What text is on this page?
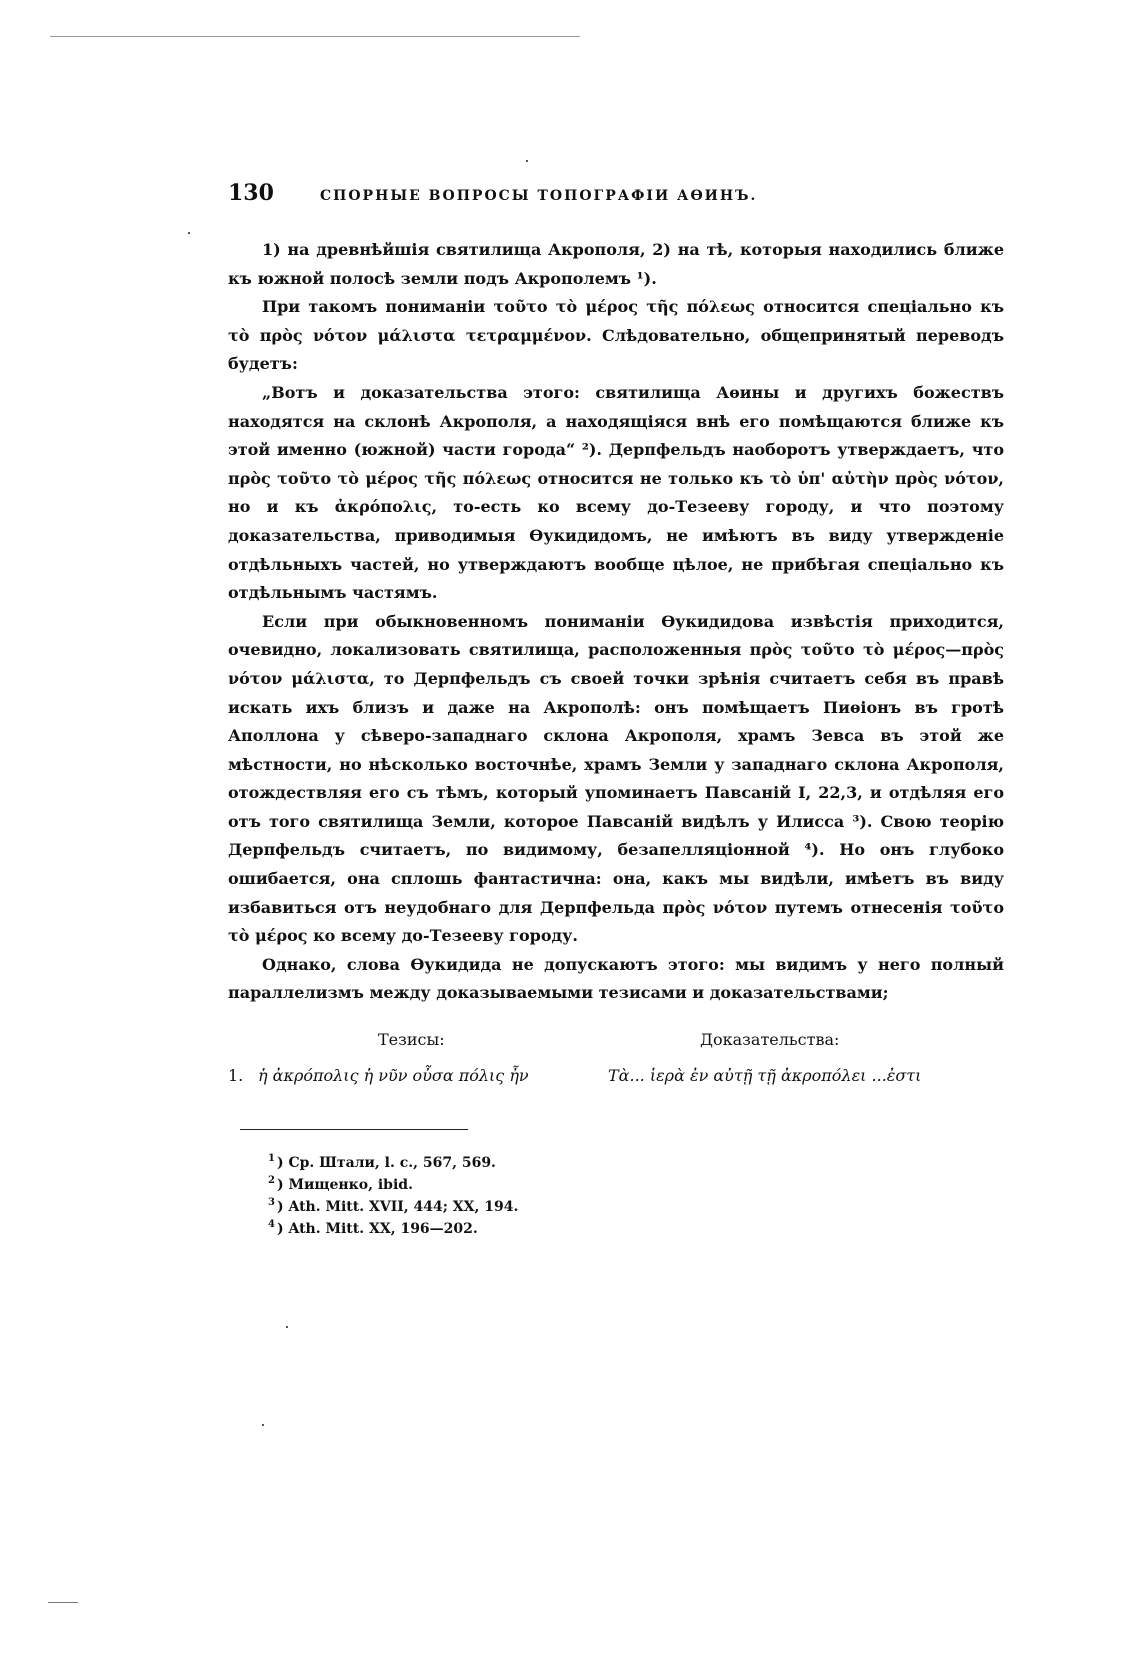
130	СПОРНЫЕ ВОПРОСЫ ТОПОГРАФІИ АѲИНЪ.

1) на древнѣйшія святилища Акрополя, 2) на тѣ, которыя находились ближе къ южной полосѣ земли подъ Акрополемъ ¹).

При такомъ пониманіи τοῦτο τὸ μέρος τῆς πόλεως относится спеціально къ τὸ πρὸς νότον μάλιστα τετραμμένον. Слѣдовательно, общепринятый переводъ будетъ:

„Вотъ и доказательства этого: святилища Аѳины и другихъ божествъ находятся на склонѣ Акрополя, а находящіяся внѣ его помѣщаются ближе къ этой именно (южной) части города“ ²). Дерпфельдъ наоборотъ утверждаетъ, что πρὸς τοῦτο τὸ μέρος τῆς πόλεως относится не только къ τὸ ὑπ' αὐτὴν πρὸς νότον, но и къ ἀκρόπολις, то-есть ко всему до-Тезееву городу, и что поэтому доказательства, приводимыя Ѳукидидомъ, не имѣютъ въ виду утвержденіе отдѣльныхъ частей, но утверждаютъ вообще цѣлое, не прибѣгая спеціально къ отдѣльнымъ частямъ.

Если при обыкновенномъ пониманіи Ѳукидидова извѣстія приходится, очевидно, локализовать святилища, расположенныя πρὸς τοῦτο τὸ μέρος—πρὸς νότον μάλιστα, то Дерпфельдъ съ своей точки зрѣнія считаетъ себя въ правѣ искать ихъ близъ и даже на Акрополѣ: онъ помѣщаетъ Пиѳіонъ въ гротѣ Аполлона у сѣверо-западнаго склона Акрополя, храмъ Зевса въ этой же мѣстности, но нѣсколько восточнѣе, храмъ Земли у западнаго склона Акрополя, отождествляя его съ тѣмъ, который упоминаетъ Павсаній I, 22,3, и отдѣляя его отъ того святилища Земли, которое Павсаній видѣлъ у Илисса ³). Свою теорію Дерпфельдъ считаетъ, по видимому, безапелляціонной ⁴). Но онъ глубоко ошибается, она сплошь фантастична: она, какъ мы видѣли, имѣетъ въ виду избавиться отъ неудобнаго для Дерпфельда πρὸς νότον путемъ отнесенія τοῦτο τὸ μέρος ко всему до-Тезееву городу.

Однако, слова Ѳукидида не допускаютъ этого: мы видимъ у него полный параллелизмъ между доказываемыми тезисами и доказательствами;

Тезисы:	Доказательства:
1. ἡ ἀκρόπολις ἡ νῦν οὖσα πόλις ἦν	Τὰ... ἱερὰ ἐν αὐτῇ τῇ ἀκροπόλει ...ἐστι
$^1$ ) Ср. Штали, l. c., 567, 569.
$^2$ ) Мищенко, ibid.
$^3$ ) Ath. Mitt. XVII, 444; XX, 194.
$^4$ ) Ath. Mitt. XX, 196—202.
